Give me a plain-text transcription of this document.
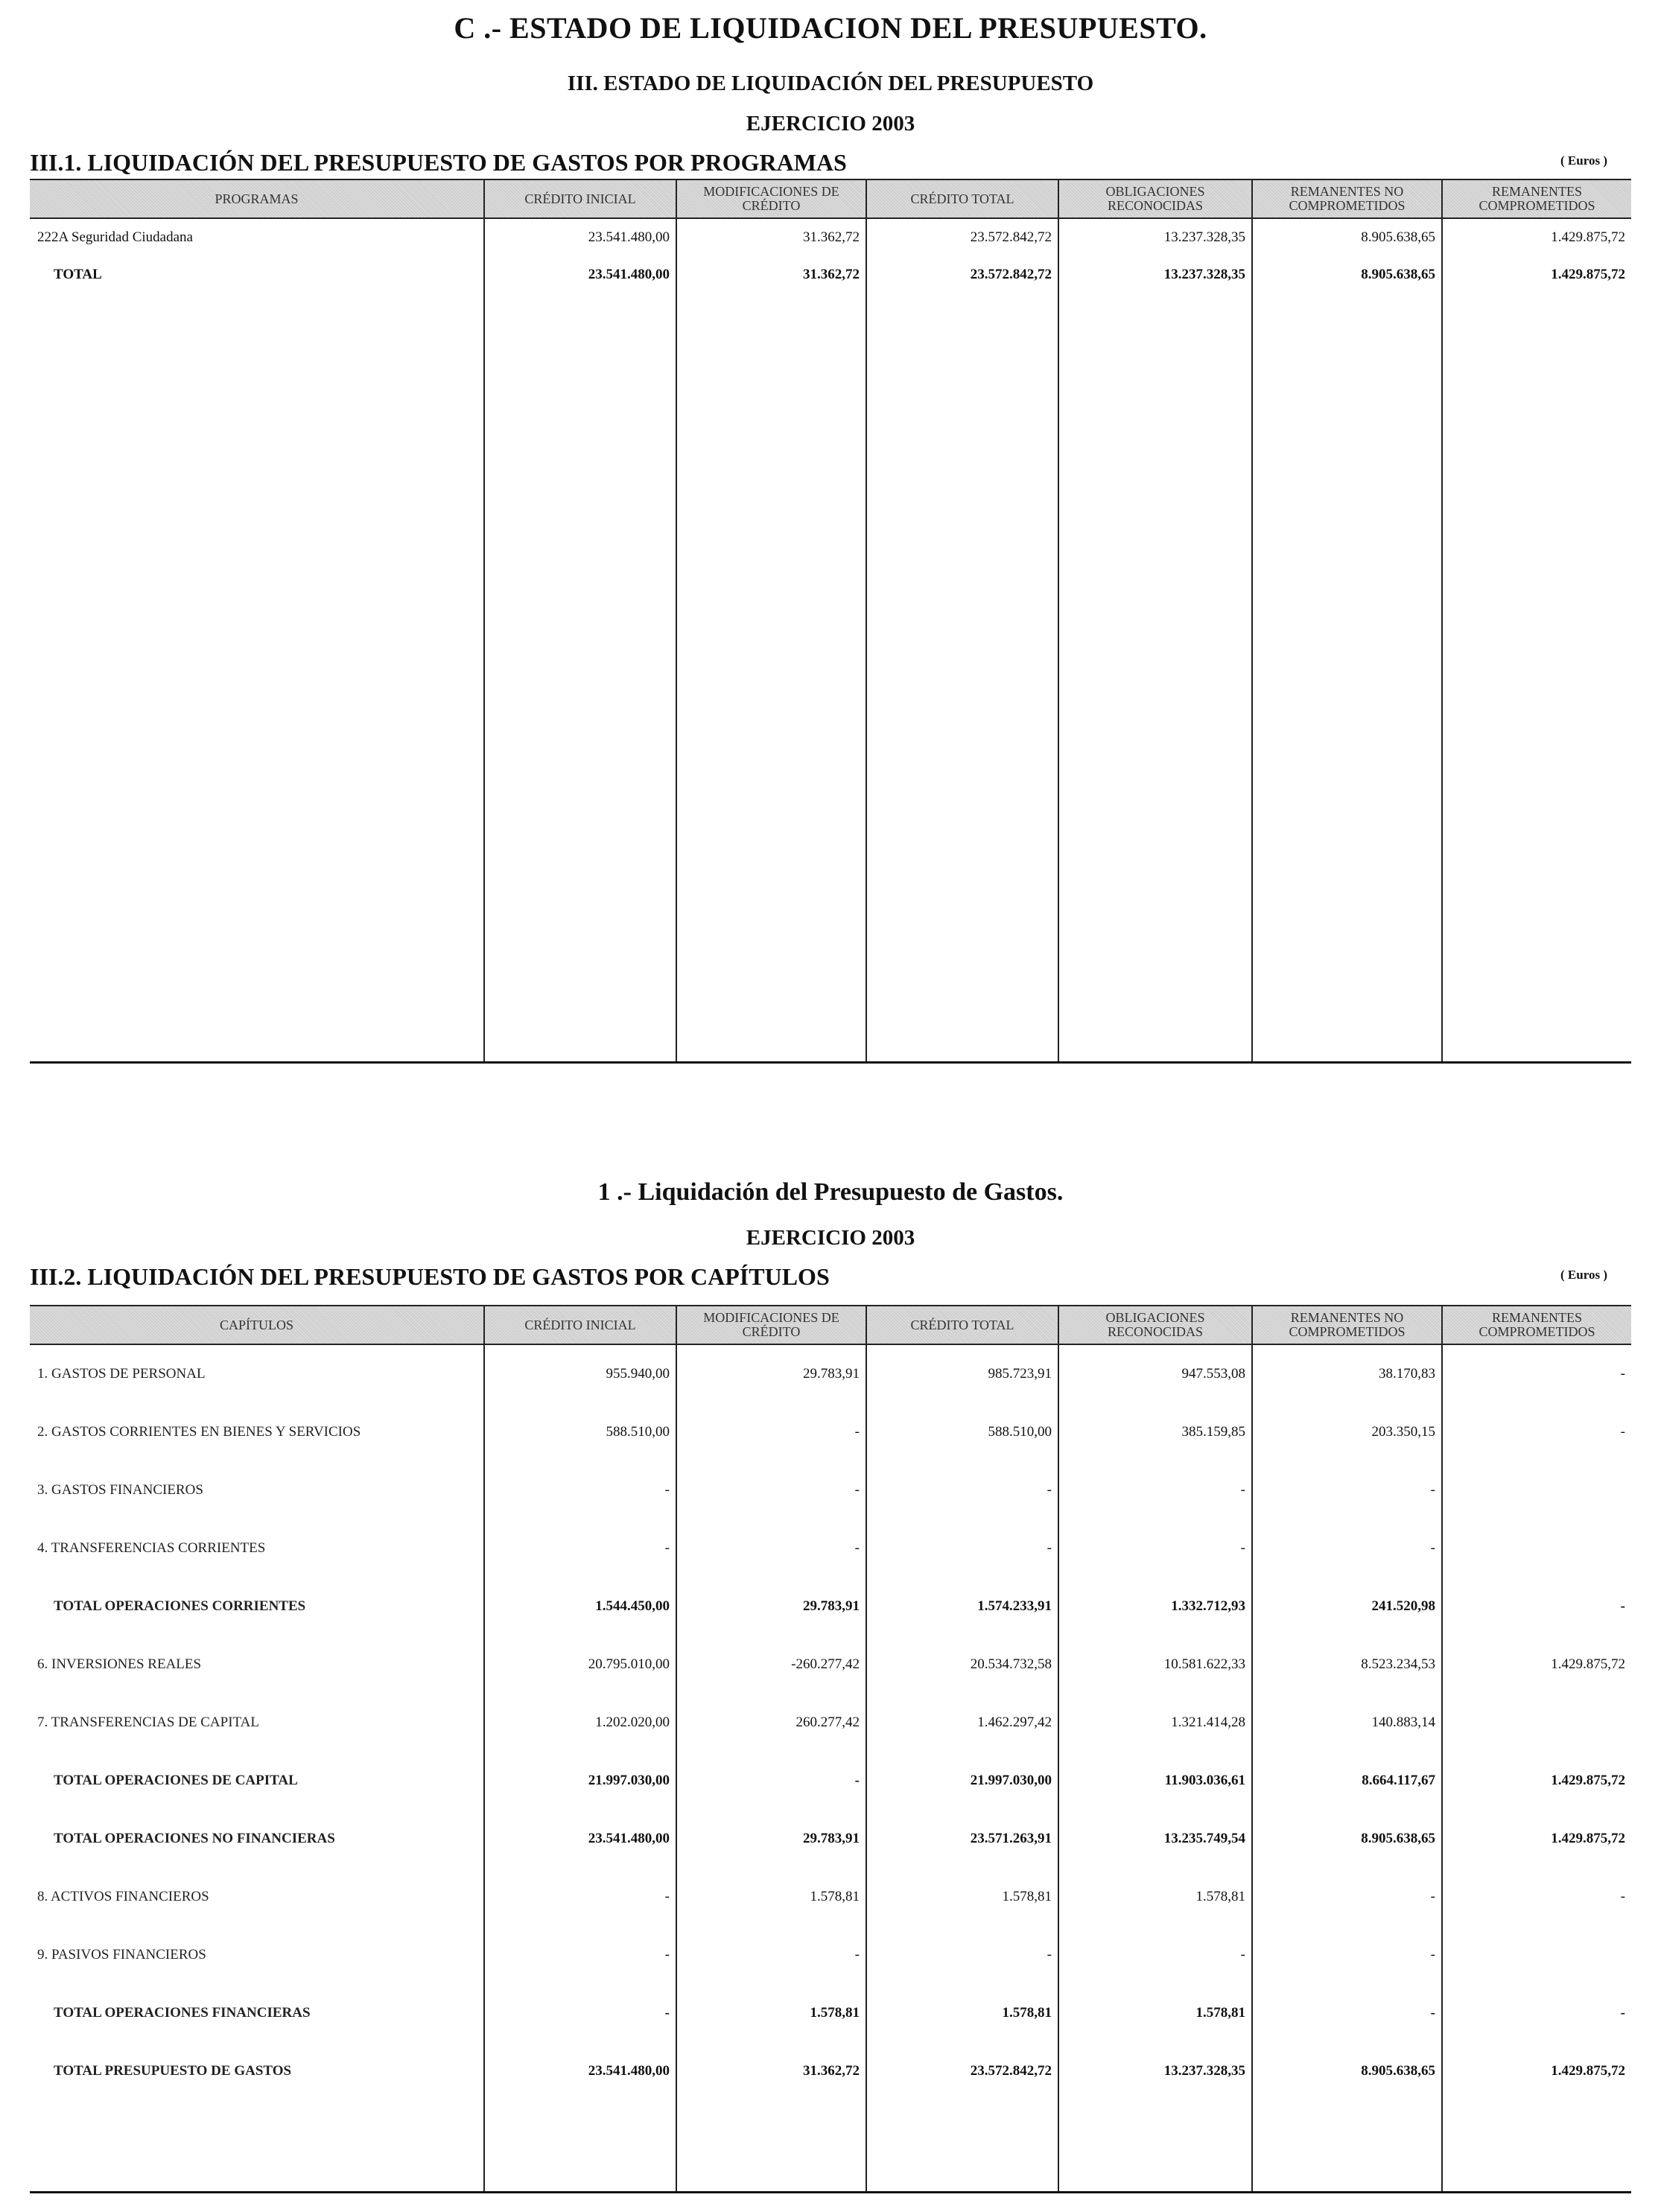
C .- ESTADO DE LIQUIDACION DEL PRESUPUESTO.
III. ESTADO DE LIQUIDACIÓN DEL PRESUPUESTO
EJERCICIO 2003
III.1. LIQUIDACIÓN DEL PRESUPUESTO DE GASTOS POR PROGRAMAS	( Euros )
PROGRAMAS	CRÉDITO INICIAL	MODIFICACIONES DE CRÉDITO	CRÉDITO TOTAL	OBLIGACIONES RECONOCIDAS	REMANENTES NO COMPROMETIDOS	REMANENTES COMPROMETIDOS
222A Seguridad Ciudadana	23.541.480,00	31.362,72	23.572.842,72	13.237.328,35	8.905.638,65	1.429.875,72
TOTAL	23.541.480,00	31.362,72	23.572.842,72	13.237.328,35	8.905.638,65	1.429.875,72

1 .- Liquidación del Presupuesto de Gastos.
EJERCICIO 2003
III.2. LIQUIDACIÓN DEL PRESUPUESTO DE GASTOS POR CAPÍTULOS	( Euros )
CAPÍTULOS	CRÉDITO INICIAL	MODIFICACIONES DE CRÉDITO	CRÉDITO TOTAL	OBLIGACIONES RECONOCIDAS	REMANENTES NO COMPROMETIDOS	REMANENTES COMPROMETIDOS
1. GASTOS DE PERSONAL	955.940,00	29.783,91	985.723,91	947.553,08	38.170,83	-
2. GASTOS CORRIENTES EN BIENES Y SERVICIOS	588.510,00	-	588.510,00	385.159,85	203.350,15	-
3. GASTOS FINANCIEROS	-	-	-	-	-	
4. TRANSFERENCIAS CORRIENTES	-	-	-	-	-	
TOTAL OPERACIONES CORRIENTES	1.544.450,00	29.783,91	1.574.233,91	1.332.712,93	241.520,98	-
6. INVERSIONES REALES	20.795.010,00	-260.277,42	20.534.732,58	10.581.622,33	8.523.234,53	1.429.875,72
7. TRANSFERENCIAS DE CAPITAL	1.202.020,00	260.277,42	1.462.297,42	1.321.414,28	140.883,14	
TOTAL OPERACIONES DE CAPITAL	21.997.030,00	-	21.997.030,00	11.903.036,61	8.664.117,67	1.429.875,72
TOTAL OPERACIONES NO FINANCIERAS	23.541.480,00	29.783,91	23.571.263,91	13.235.749,54	8.905.638,65	1.429.875,72
8. ACTIVOS FINANCIEROS	-	1.578,81	1.578,81	1.578,81	-	-
9. PASIVOS FINANCIEROS	-	-	-	-	-	
TOTAL OPERACIONES FINANCIERAS	-	1.578,81	1.578,81	1.578,81	-	-
TOTAL PRESUPUESTO DE GASTOS	23.541.480,00	31.362,72	23.572.842,72	13.237.328,35	8.905.638,65	1.429.875,72
